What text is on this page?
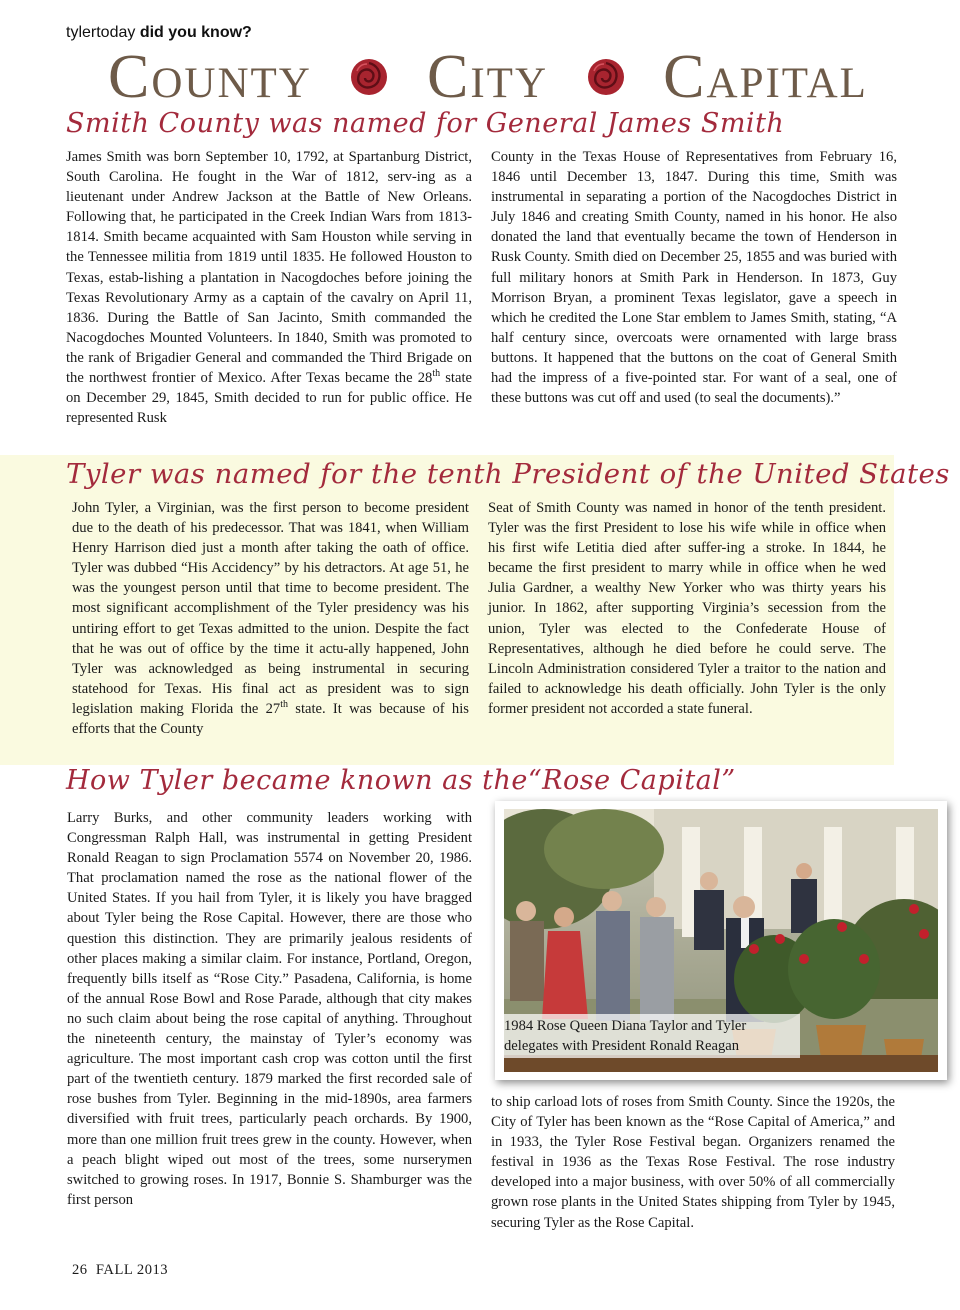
tylertoday did you know?
County City Capital
Smith County was named for General James Smith

James Smith was born September 10, 1792, at Spartanburg District, South Carolina. He fought in the War of 1812, serv-ing as a lieutenant under Andrew Jackson at the Battle of New Orleans. Following that, he participated in the Creek Indian Wars from 1813-1814. Smith became acquainted with Sam Houston while serving in the Tennessee militia from 1819 until 1835. He followed Houston to Texas, estab-lishing a plantation in Nacogdoches before joining the Texas Revolutionary Army as a captain of the cavalry on April 11, 1836. During the Battle of San Jacinto, Smith commanded the Nacogdoches Mounted Volunteers. In 1840, Smith was promoted to the rank of Brigadier General and commanded the Third Brigade on the northwest frontier of Mexico. After Texas became the 28th state on December 29, 1845, Smith decided to run for public office. He represented Rusk

County in the Texas House of Representatives from February 16, 1846 until December 13, 1847. During this time, Smith was instrumental in separating a portion of the Nacogdoches District in July 1846 and creating Smith County, named in his honor. He also donated the land that eventually became the town of Henderson in Rusk County. Smith died on December 25, 1855 and was buried with full military honors at Smith Park in Henderson. In 1873, Guy Morrison Bryan, a prominent Texas legislator, gave a speech in which he credited the Lone Star emblem to James Smith, stating, “A half century since, overcoats were ornamented with large brass buttons. It happened that the buttons on the coat of General Smith had the impress of a five-pointed star. For want of a seal, one of these buttons was cut off and used (to seal the documents).”

Tyler was named for the tenth President of the United States

John Tyler, a Virginian, was the first person to become president due to the death of his predecessor. That was 1841, when William Henry Harrison died just a month after taking the oath of office. Tyler was dubbed “His Accidency” by his detractors. At age 51, he was the youngest person until that time to become president. The most significant accomplishment of the Tyler presidency was his untiring effort to get Texas admitted to the union. Despite the fact that he was out of office by the time it actu-ally happened, John Tyler was acknowledged as being instrumental in securing statehood for Texas. His final act as president was to sign legislation making Florida the 27th state. It was because of his efforts that the County

Seat of Smith County was named in honor of the tenth president. Tyler was the first President to lose his wife while in office when his first wife Letitia died after suffer-ing a stroke. In 1844, he became the first president to marry while in office when he wed Julia Gardner, a wealthy New Yorker who was thirty years his junior. In 1862, after supporting Virginia’s secession from the union, Tyler was elected to the Confederate House of Representatives, although he died before he could serve. The Lincoln Administration considered Tyler a traitor to the nation and failed to acknowledge his death officially. John Tyler is the only former president not accorded a state funeral.

How Tyler became known as the“Rose Capital”

Larry Burks, and other community leaders working with Congressman Ralph Hall, was instrumental in getting President Ronald Reagan to sign Proclamation 5574 on November 20, 1986. That proclamation named the rose as the national flower of the United States. If you hail from Tyler, it is likely you have bragged about Tyler being the Rose Capital. However, there are those who question this distinction. They are primarily jealous residents of other places making a similar claim. For instance, Portland, Oregon, frequently bills itself as “Rose City.” Pasadena, California, is home of the annual Rose Bowl and Rose Parade, although that city makes no such claim about being the rose capital of anything. Throughout the nineteenth century, the mainstay of Tyler’s economy was agriculture. The most important cash crop was cotton until the first part of the twentieth century. 1879 marked the first recorded sale of rose bushes from Tyler. Beginning in the mid-1890s, area farmers diversified with fruit trees, particularly peach orchards. By 1900, more than one million fruit trees grew in the county. However, when a peach blight wiped out most of the trees, some nurserymen switched to growing roses. In 1917, Bonnie S. Shamburger was the first person

1984 Rose Queen Diana Taylor and Tyler delegates with President Ronald Reagan

to ship carload lots of roses from Smith County. Since the 1920s, the City of Tyler has been known as the “Rose Capital of America,” and in 1933, the Tyler Rose Festival began. Organizers renamed the festival in 1936 as the Texas Rose Festival. The rose industry developed into a major business, with over 50% of all commercially grown rose plants in the United States shipping from Tyler by 1945, securing Tyler as the Rose Capital.

26 FALL 2013
